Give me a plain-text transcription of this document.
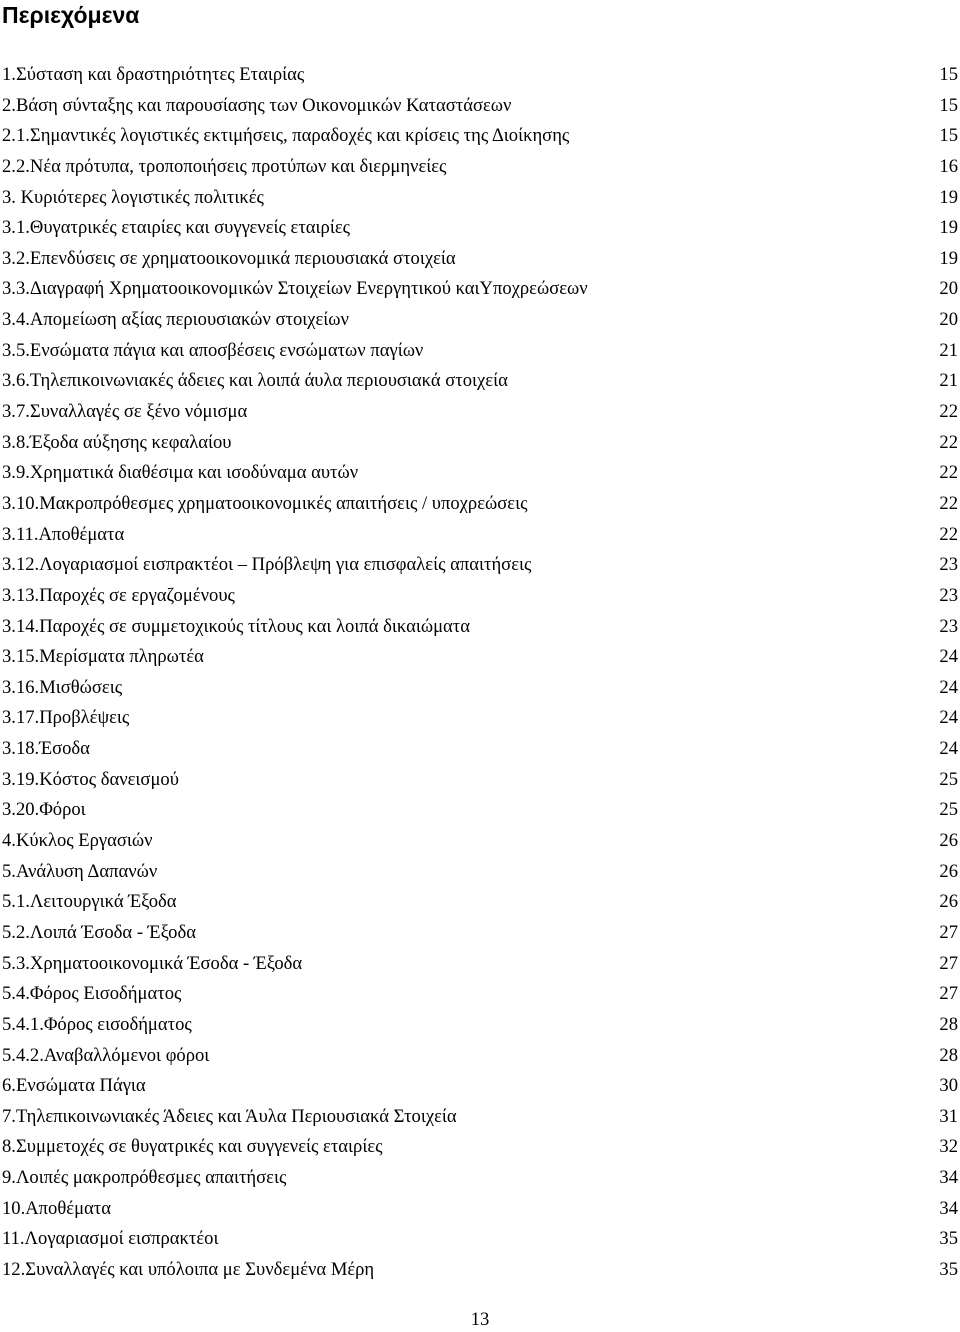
Περιεχόμενα
1.Σύσταση και δραστηριότητες Εταιρίας	15
2.Βάση σύνταξης και παρουσίασης των Οικονομικών Καταστάσεων	15
2.1.Σημαντικές λογιστικές εκτιμήσεις, παραδοχές και κρίσεις της Διοίκησης	15
2.2.Νέα πρότυπα, τροποποιήσεις προτύπων και διερμηνείες	16
3. Κυριότερες λογιστικές πολιτικές	19
3.1.Θυγατρικές εταιρίες και συγγενείς εταιρίες	19
3.2.Επενδύσεις σε χρηματοοικονομικά περιουσιακά στοιχεία	19
3.3.Διαγραφή Χρηματοοικονομικών Στοιχείων Ενεργητικού καιΥποχρεώσεων	20
3.4.Απομείωση αξίας περιουσιακών στοιχείων	20
3.5.Ενσώματα πάγια και αποσβέσεις ενσώματων παγίων	21
3.6.Τηλεπικοινωνιακές άδειες και λοιπά άυλα περιουσιακά στοιχεία	21
3.7.Συναλλαγές σε ξένο νόμισμα	22
3.8.Έξοδα αύξησης κεφαλαίου	22
3.9.Χρηματικά διαθέσιμα και ισοδύναμα αυτών	22
3.10.Μακροπρόθεσμες χρηματοοικονομικές απαιτήσεις / υποχρεώσεις	22
3.11.Αποθέματα	22
3.12.Λογαριασμοί εισπρακτέοι – Πρόβλεψη για επισφαλείς απαιτήσεις	23
3.13.Παροχές σε εργαζομένους	23
3.14.Παροχές σε συμμετοχικούς τίτλους και λοιπά δικαιώματα	23
3.15.Μερίσματα πληρωτέα	24
3.16.Μισθώσεις	24
3.17.Προβλέψεις	24
3.18.Έσοδα	24
3.19.Κόστος δανεισμού	25
3.20.Φόροι	25
4.Κύκλος Εργασιών	26
5.Ανάλυση Δαπανών	26
5.1.Λειτουργικά Έξοδα	26
5.2.Λοιπά Έσοδα - Έξοδα	27
5.3.Χρηματοοικονομικά Έσοδα - Έξοδα	27
5.4.Φόρος Εισοδήματος	27
5.4.1.Φόρος εισοδήματος	28
5.4.2.Αναβαλλόμενοι φόροι	28
6.Ενσώματα Πάγια	30
7.Τηλεπικοινωνιακές Άδειες και Άυλα Περιουσιακά Στοιχεία	31
8.Συμμετοχές σε θυγατρικές και συγγενείς εταιρίες	32
9.Λοιπές μακροπρόθεσμες απαιτήσεις	34
10.Αποθέματα	34
11.Λογαριασμοί εισπρακτέοι	35
12.Συναλλαγές και υπόλοιπα με Συνδεμένα Μέρη	35
13
